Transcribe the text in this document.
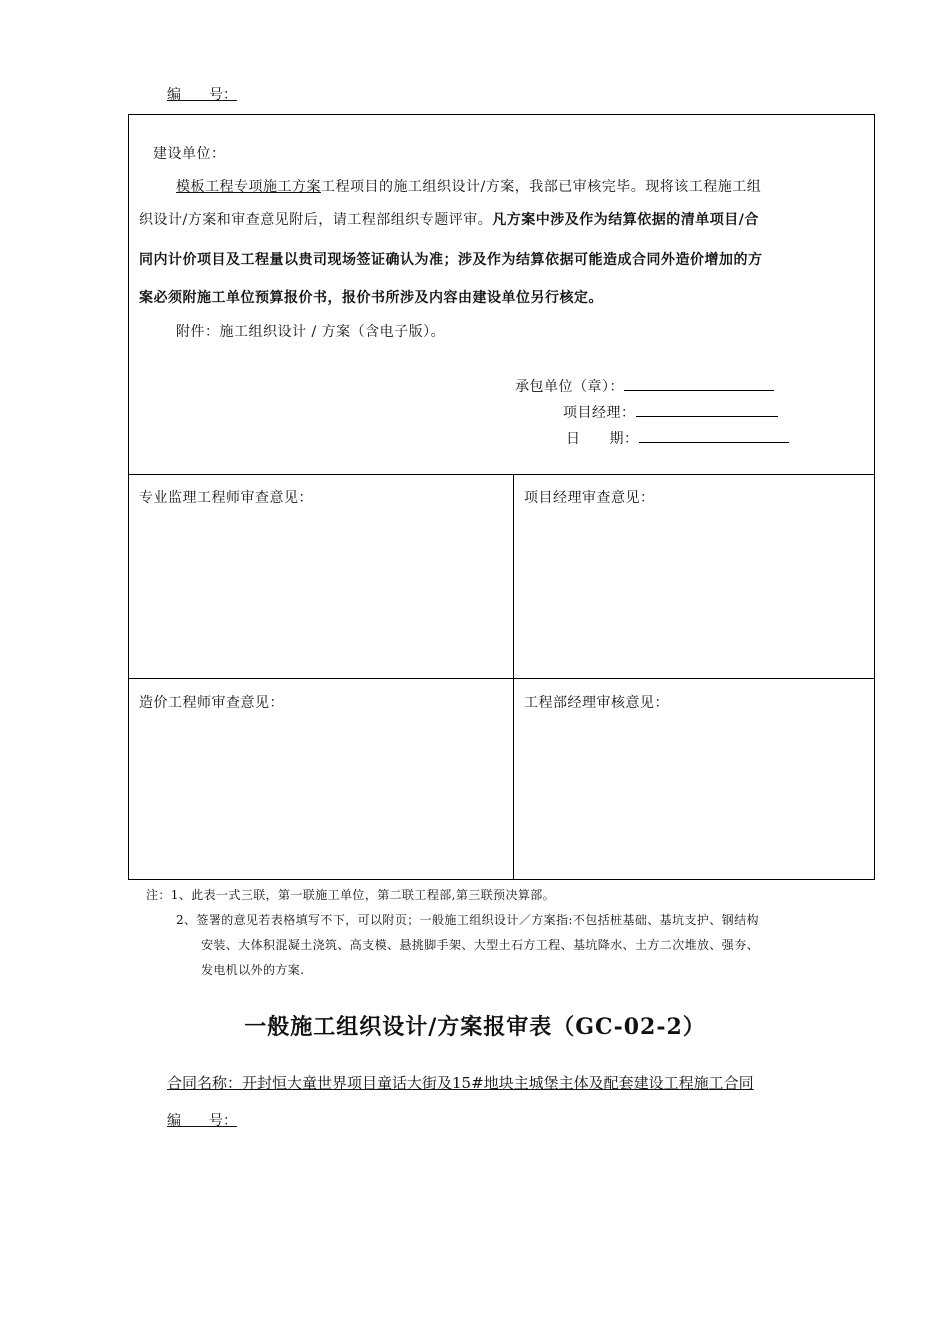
编　　号：
建设单位：
模板工程专项施工方案工程项目的施工组织设计/方案，我部已审核完毕。现将该工程施工组
织设计/方案和审查意见附后，请工程部组织专题评审。凡方案中涉及作为结算依据的清单项目/合
同内计价项目及工程量以贵司现场签证确认为准；涉及作为结算依据可能造成合同外造价增加的方
案必须附施工单位预算报价书，报价书所涉及内容由建设单位另行核定。
附件：施工组织设计 / 方案（含电子版）。
承包单位（章）：
项目经理：
日　　期：
专业监理工程师审查意见：	项目经理审查意见：
造价工程师审查意见：	工程部经理审核意见：
注：1、此表一式三联，第一联施工单位，第二联工程部,第三联预决算部。
2、签署的意见若表格填写不下，可以附页；一般施工组织设计／方案指:不包括桩基础、基坑支护、钢结构
安装、大体积混凝土浇筑、高支模、悬挑脚手架、大型土石方工程、基坑降水、土方二次堆放、强夯、
发电机以外的方案.
一般施工组织设计/方案报审表（GC-02-2）
合同名称：开封恒大童世界项目童话大街及15#地块主城堡主体及配套建设工程施工合同
编　　号：
